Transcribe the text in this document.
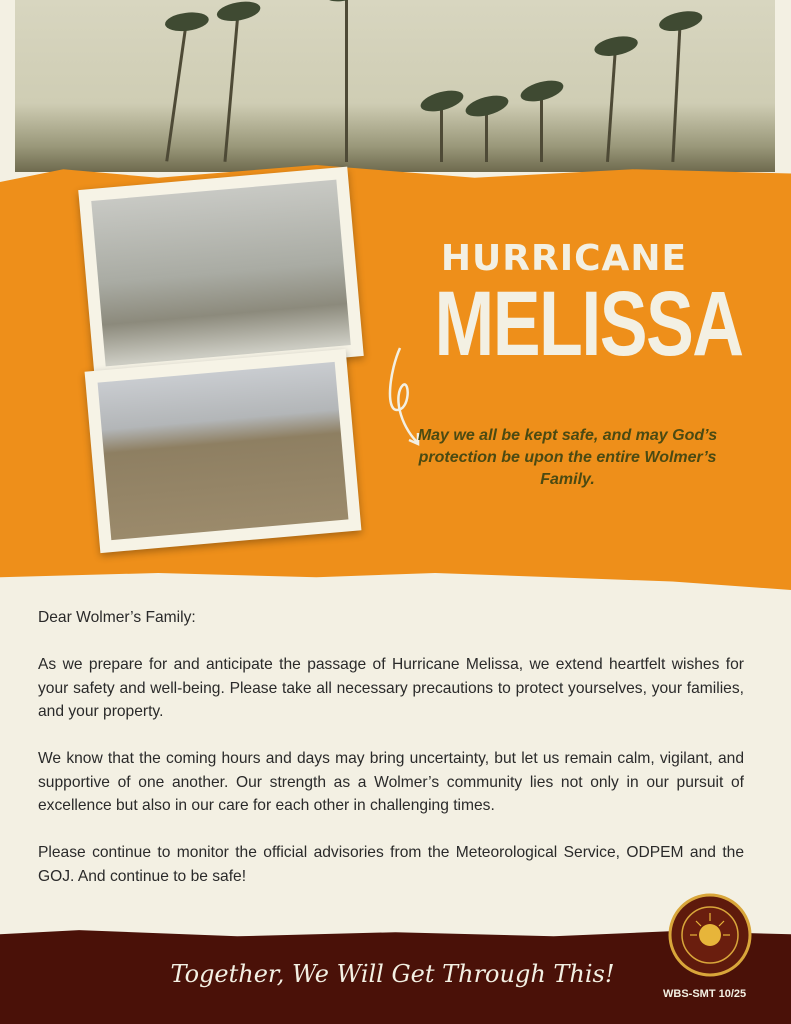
HURRICANE
MELISSA
May we all be kept safe, and may God’s protection be upon the entire Wolmer’s Family.

Dear Wolmer’s Family:

As we prepare for and anticipate the passage of Hurricane Melissa, we extend heartfelt wishes for your safety and well-being. Please take all necessary precautions to protect yourselves, your families, and your property.

We know that the coming hours and days may bring uncertainty, but let us remain calm, vigilant, and supportive of one another. Our strength as a Wolmer’s community lies not only in our pursuit of excellence but also in our care for each other in challenging times.

Please continue to monitor the official advisories from the Meteorological Service, ODPEM and the GOJ. And continue to be safe!

Together, We Will Get Through This!
WBS-SMT 10/25
